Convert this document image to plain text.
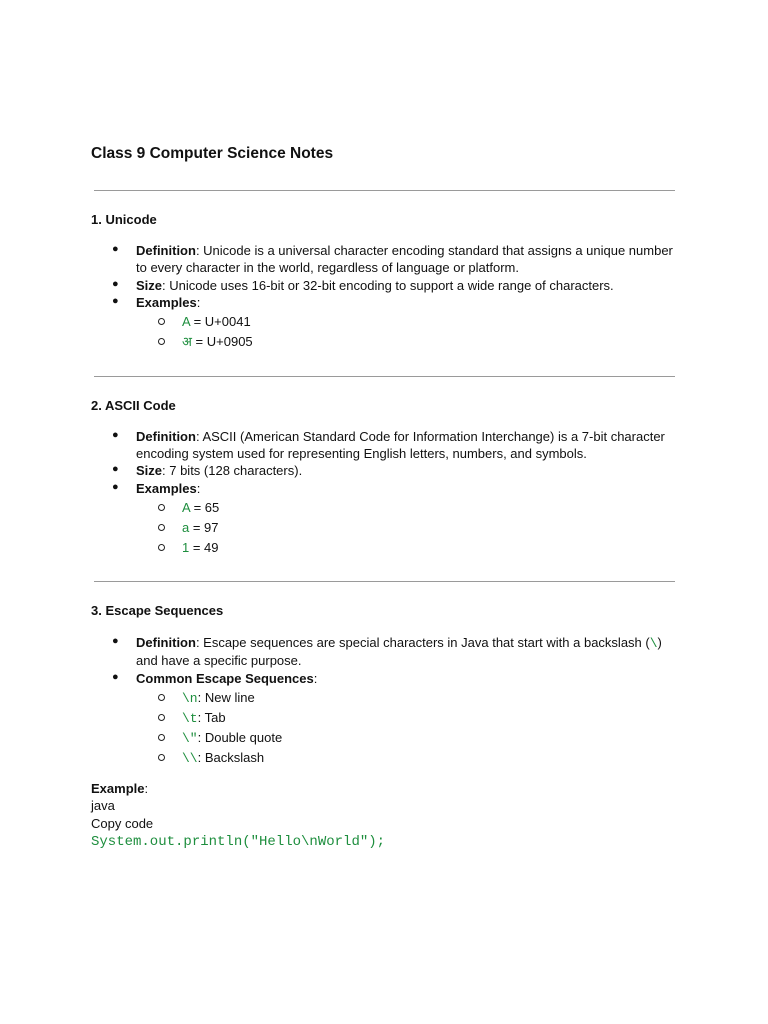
Class 9 Computer Science Notes
1. Unicode
● Definition: Unicode is a universal character encoding standard that assigns a unique number to every character in the world, regardless of language or platform.
● Size: Unicode uses 16-bit or 32-bit encoding to support a wide range of characters.
● Examples:
A = U+0041
अ = U+0905
2. ASCII Code
● Definition: ASCII (American Standard Code for Information Interchange) is a 7-bit character encoding system used for representing English letters, numbers, and symbols.
● Size: 7 bits (128 characters).
● Examples:
A = 65
a = 97
1 = 49
3. Escape Sequences
● Definition: Escape sequences are special characters in Java that start with a backslash (\) and have a specific purpose.
● Common Escape Sequences:
\n: New line
\t: Tab
\": Double quote
\\: Backslash
Example:
java
Copy code
System.out.println("Hello\nWorld");
